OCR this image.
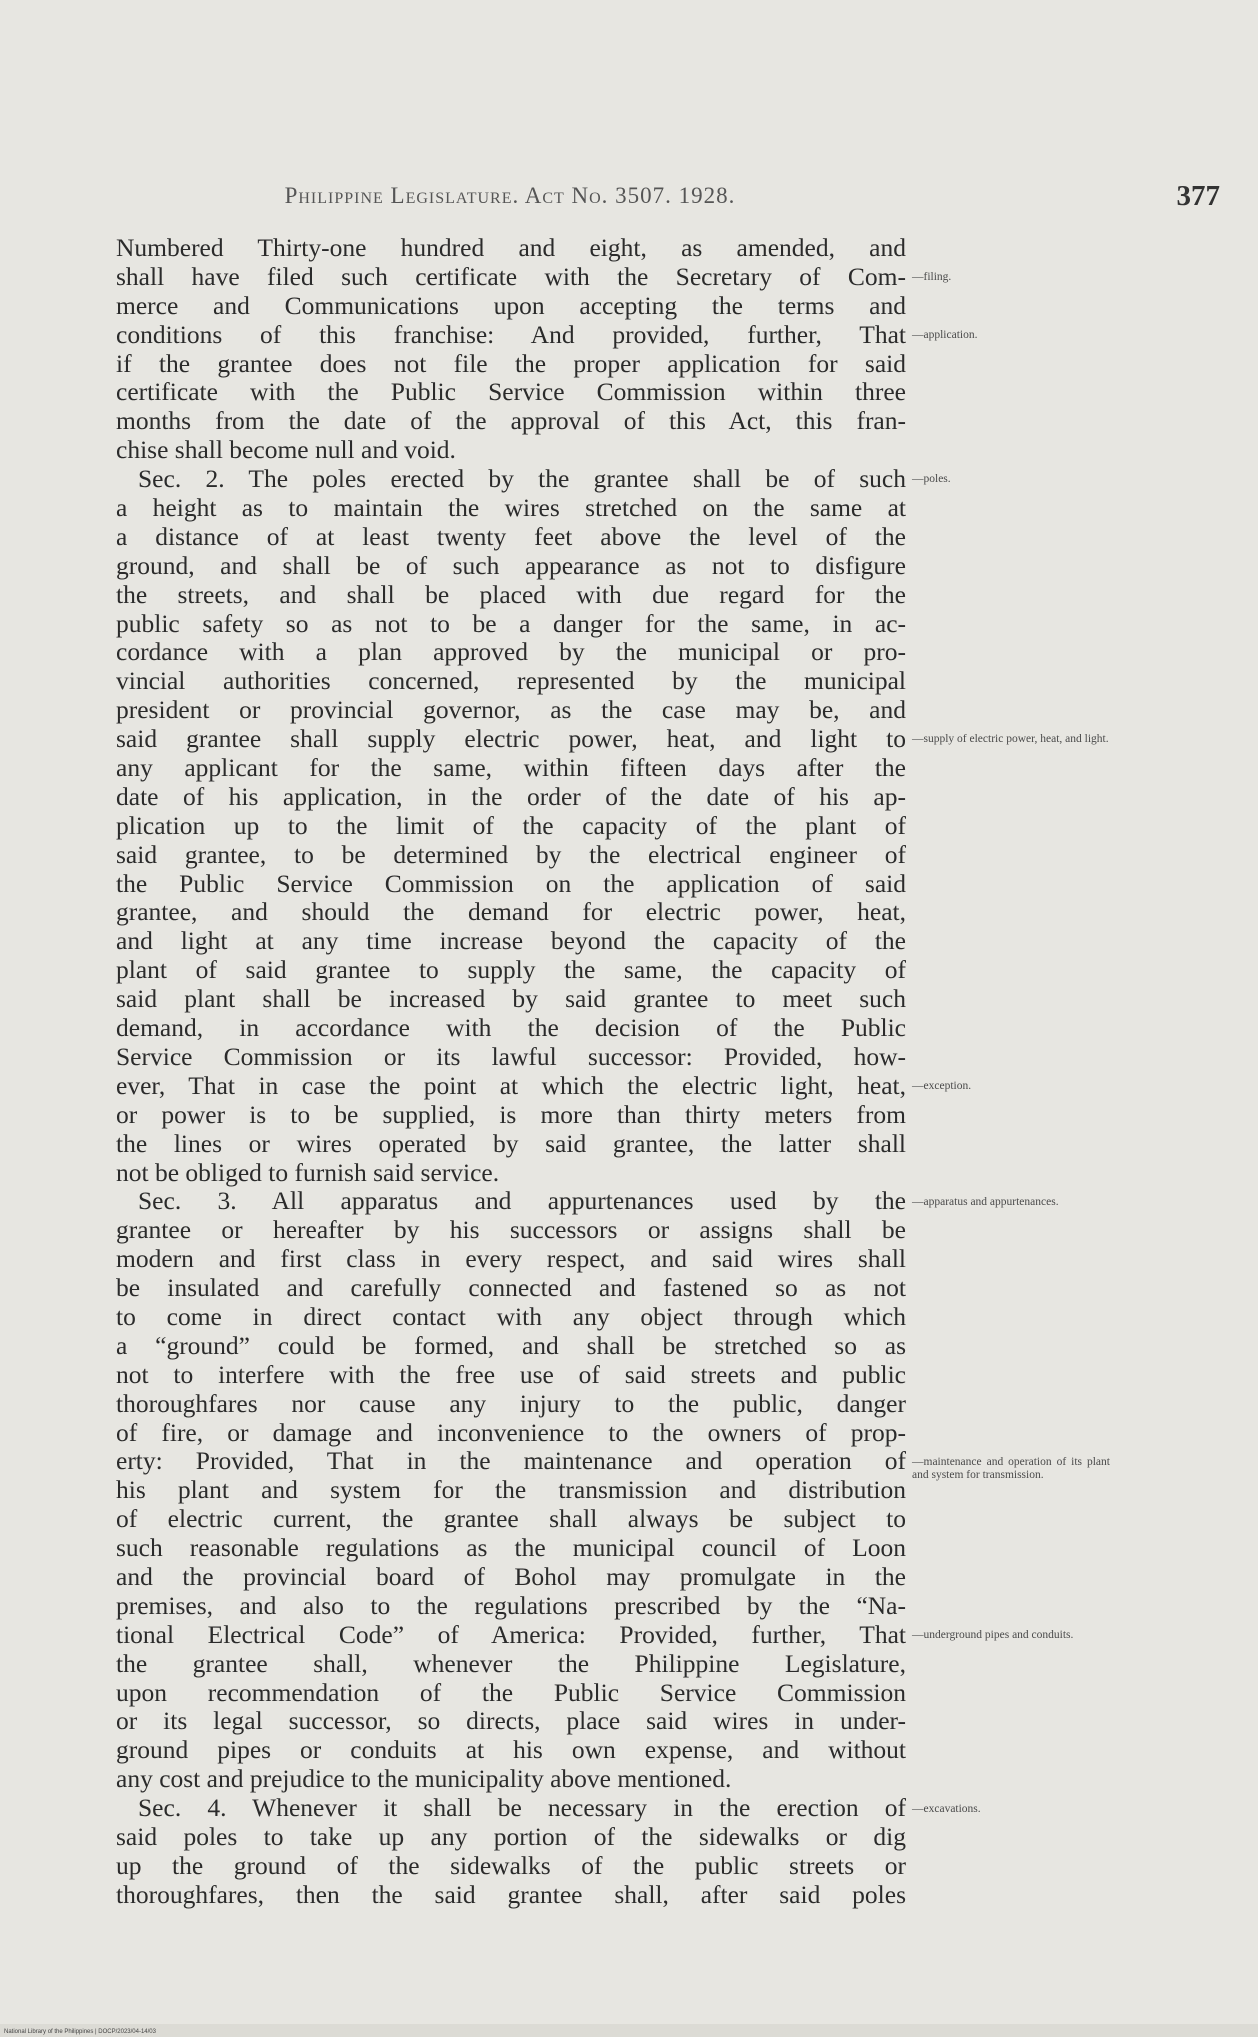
Philippine Legislature. Act No. 3507. 1928.	377
Numbered Thirty-one hundred and eight, as amended, and
shall have filed such certificate with the Secretary of Com-
merce and Communications upon accepting the terms and
conditions of this franchise: And provided, further, That
if the grantee does not file the proper application for said
certificate with the Public Service Commission within three
months from the date of the approval of this Act, this fran-
chise shall become null and void.
Sec. 2. The poles erected by the grantee shall be of such
a height as to maintain the wires stretched on the same at
a distance of at least twenty feet above the level of the
ground, and shall be of such appearance as not to disfigure
the streets, and shall be placed with due regard for the
public safety so as not to be a danger for the same, in ac-
cordance with a plan approved by the municipal or pro-
vincial authorities concerned, represented by the municipal
president or provincial governor, as the case may be, and
said grantee shall supply electric power, heat, and light to
any applicant for the same, within fifteen days after the
date of his application, in the order of the date of his ap-
plication up to the limit of the capacity of the plant of
said grantee, to be determined by the electrical engineer of
the Public Service Commission on the application of said
grantee, and should the demand for electric power, heat,
and light at any time increase beyond the capacity of the
plant of said grantee to supply the same, the capacity of
said plant shall be increased by said grantee to meet such
demand, in accordance with the decision of the Public
Service Commission or its lawful successor: Provided, how-
ever, That in case the point at which the electric light, heat,
or power is to be supplied, is more than thirty meters from
the lines or wires operated by said grantee, the latter shall
not be obliged to furnish said service.
Sec. 3. All apparatus and appurtenances used by the
grantee or hereafter by his successors or assigns shall be
modern and first class in every respect, and said wires shall
be insulated and carefully connected and fastened so as not
to come in direct contact with any object through which
a “ground” could be formed, and shall be stretched so as
not to interfere with the free use of said streets and public
thoroughfares nor cause any injury to the public, danger
of fire, or damage and inconvenience to the owners of prop-
erty: Provided, That in the maintenance and operation of
his plant and system for the transmission and distribution
of electric current, the grantee shall always be subject to
such reasonable regulations as the municipal council of Loon
and the provincial board of Bohol may promulgate in the
premises, and also to the regulations prescribed by the “Na-
tional Electrical Code” of America: Provided, further, That
the grantee shall, whenever the Philippine Legislature,
upon recommendation of the Public Service Commission
or its legal successor, so directs, place said wires in under-
ground pipes or conduits at his own expense, and without
any cost and prejudice to the municipality above mentioned.
Sec. 4. Whenever it shall be necessary in the erection of
said poles to take up any portion of the sidewalks or dig
up the ground of the sidewalks of the public streets or
thoroughfares, then the said grantee shall, after said poles
National Library of the Philippines | DOCP/2023/04-14/03
—filing.
—application.
—poles.
—supply of electric power, heat, and light.
—exception.
—apparatus and appurtenances.
—maintenance and operation of its plant and system for transmission.
—underground pipes and conduits.
—excavations.
